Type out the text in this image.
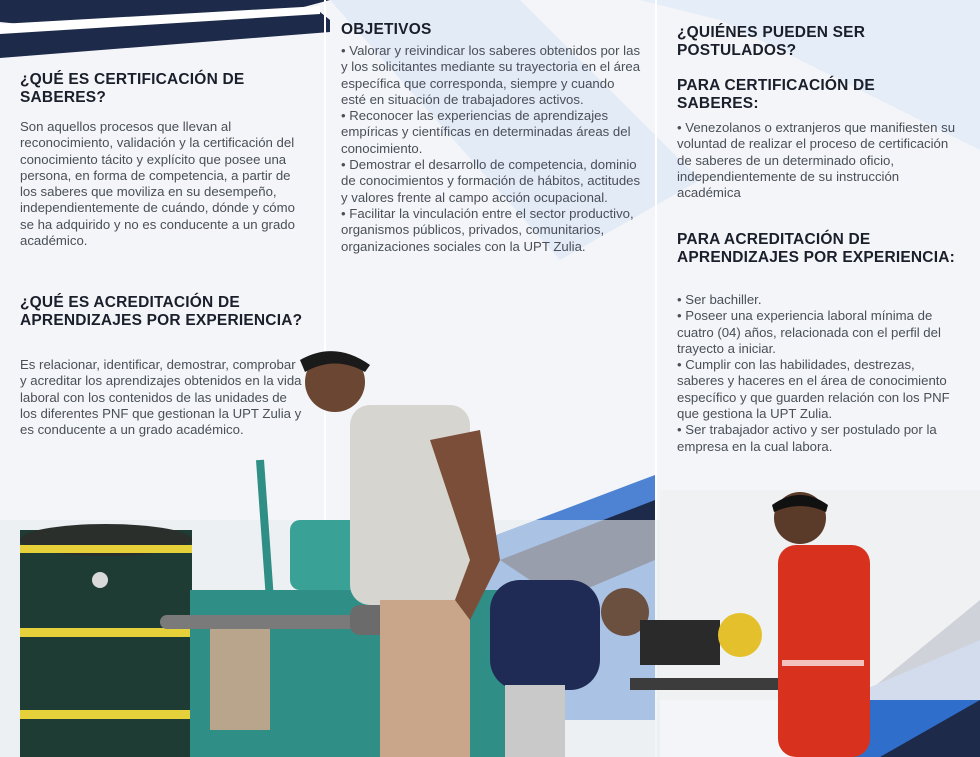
¿QUÉ ES CERTIFICACIÓN DE SABERES?

Son aquellos procesos que llevan al reconocimiento, validación y la certificación del conocimiento tácito y explícito que posee una persona, en forma de competencia, a partir de los saberes que moviliza en su desempeño, independientemente de cuándo, dónde y cómo se ha adquirido y no es conducente a un grado académico.

¿QUÉ ES ACREDITACIÓN DE APRENDIZAJES POR EXPERIENCIA?

Es relacionar, identificar, demostrar, comprobar y acreditar los aprendizajes obtenidos en la vida laboral con los contenidos de las unidades de los diferentes PNF que gestionan la UPT Zulia y es conducente a un grado académico.

OBJETIVOS
• Valorar y reivindicar los saberes obtenidos por las y los solicitantes mediante su trayectoria en el área específica que corresponda, siempre y cuando esté en situación de trabajadores activos.
• Reconocer las experiencias de aprendizajes empíricas y científicas en determinadas áreas del conocimiento.
• Demostrar el desarrollo de competencia, dominio de conocimientos y formación de hábitos, actitudes y valores frente al campo acción ocupacional.
• Facilitar la vinculación entre el sector productivo, organismos públicos, privados, comunitarios, organizaciones sociales con la UPT Zulia.
¿QUIÉNES PUEDEN SER POSTULADOS?
PARA CERTIFICACIÓN DE SABERES:
• Venezolanos o extranjeros que manifiesten su voluntad de realizar el proceso de certificación de saberes de un determinado oficio, independientemente de su instrucción académica
PARA ACREDITACIÓN DE APRENDIZAJES POR EXPERIENCIA:
• Ser bachiller.
• Poseer una experiencia laboral mínima de cuatro (04) años, relacionada con el perfil del trayecto a iniciar.
• Cumplir con las habilidades, destrezas, saberes y haceres en el área de conocimiento específico y que guarden relación con los PNF que gestiona la UPT Zulia.
• Ser trabajador activo y ser postulado por la empresa en la cual labora.
